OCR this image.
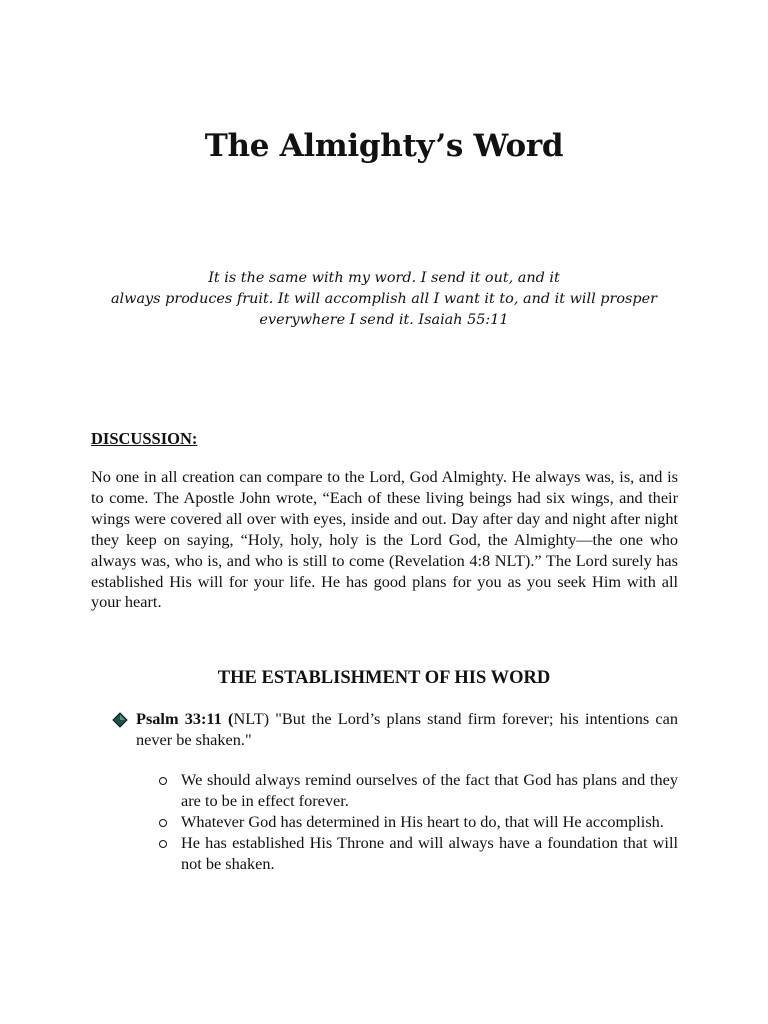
The Almighty’s Word

It is the same with my word. I send it out, and it
always produces fruit. It will accomplish all I want it to, and it will prosper
everywhere I send it. Isaiah 55:11

DISCUSSION:

No one in all creation can compare to the Lord, God Almighty. He always was, is, and is to come. The Apostle John wrote, “Each of these living beings had six wings, and their wings were covered all over with eyes, inside and out. Day after day and night after night they keep on saying, “Holy, holy, holy is the Lord God, the Almighty—the one who always was, who is, and who is still to come (Revelation 4:8 NLT).” The Lord surely has established His will for your life. He has good plans for you as you seek Him with all your heart.

THE ESTABLISHMENT OF HIS WORD
Psalm 33:11 (NLT) "But the Lord’s plans stand firm forever; his intentions can never be shaken."
We should always remind ourselves of the fact that God has plans and they are to be in effect forever.
Whatever God has determined in His heart to do, that will He accomplish.
He has established His Throne and will always have a foundation that will not be shaken.
